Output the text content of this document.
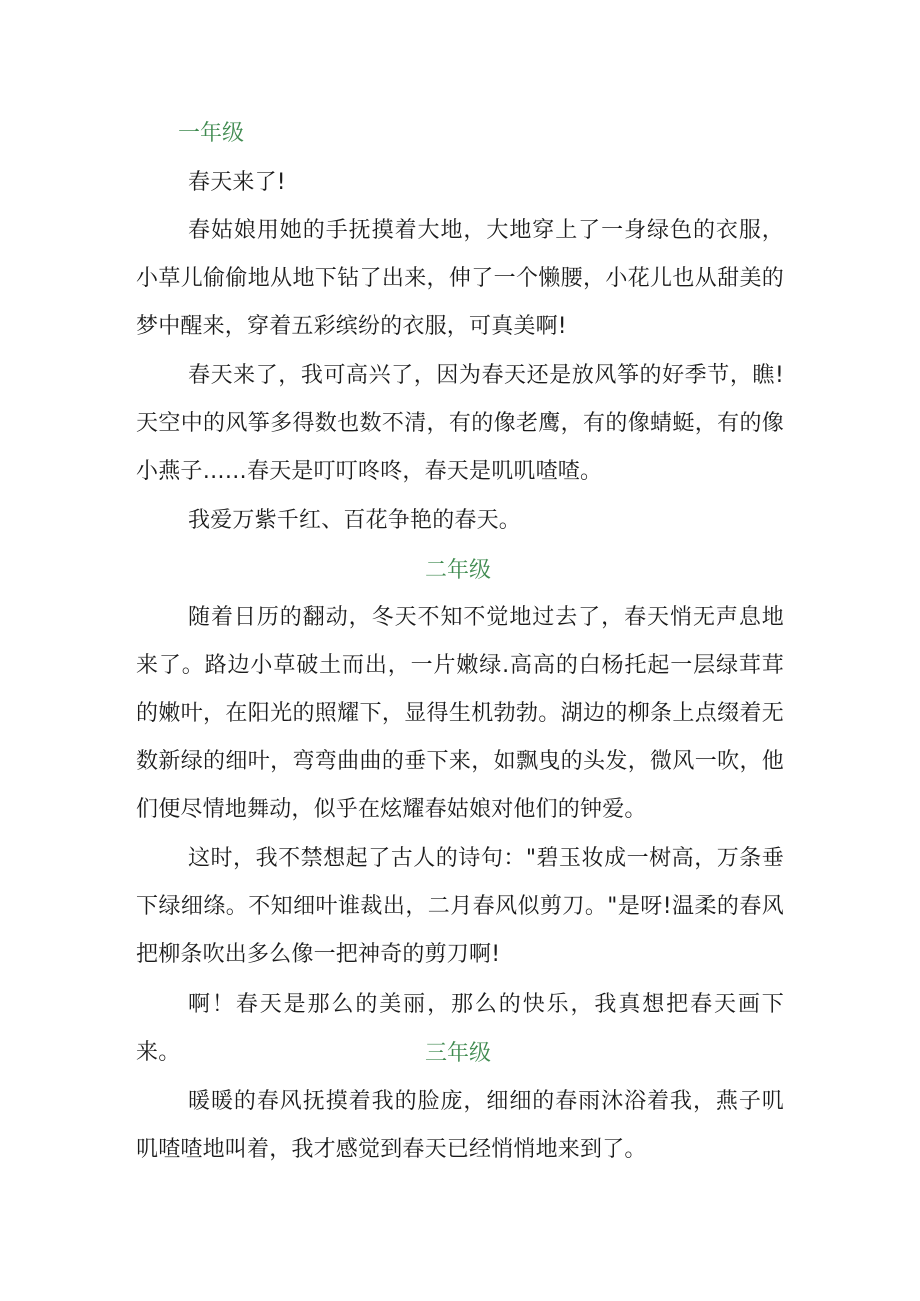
一年级

春天来了!

春姑娘用她的手抚摸着大地，大地穿上了一身绿色的衣服，小草儿偷偷地从地下钻了出来，伸了一个懒腰，小花儿也从甜美的梦中醒来，穿着五彩缤纷的衣服，可真美啊!

春天来了，我可高兴了，因为春天还是放风筝的好季节，瞧!天空中的风筝多得数也数不清，有的像老鹰，有的像蜻蜓，有的像小燕子……春天是叮叮咚咚，春天是叽叽喳喳。

我爱万紫千红、百花争艳的春天。

二年级

随着日历的翻动，冬天不知不觉地过去了，春天悄无声息地来了。路边小草破土而出，一片嫩绿.高高的白杨托起一层绿茸茸的嫩叶，在阳光的照耀下，显得生机勃勃。湖边的柳条上点缀着无数新绿的细叶，弯弯曲曲的垂下来，如飘曳的头发，微风一吹，他们便尽情地舞动，似乎在炫耀春姑娘对他们的钟爱。

这时，我不禁想起了古人的诗句："碧玉妆成一树高，万条垂下绿细绦。不知细叶谁裁出，二月春风似剪刀。"是呀!温柔的春风把柳条吹出多么像一把神奇的剪刀啊!

啊！春天是那么的美丽，那么的快乐，我真想把春天画下来。	三年级

暖暖的春风抚摸着我的脸庞，细细的春雨沐浴着我，燕子叽叽喳喳地叫着，我才感觉到春天已经悄悄地来到了。
